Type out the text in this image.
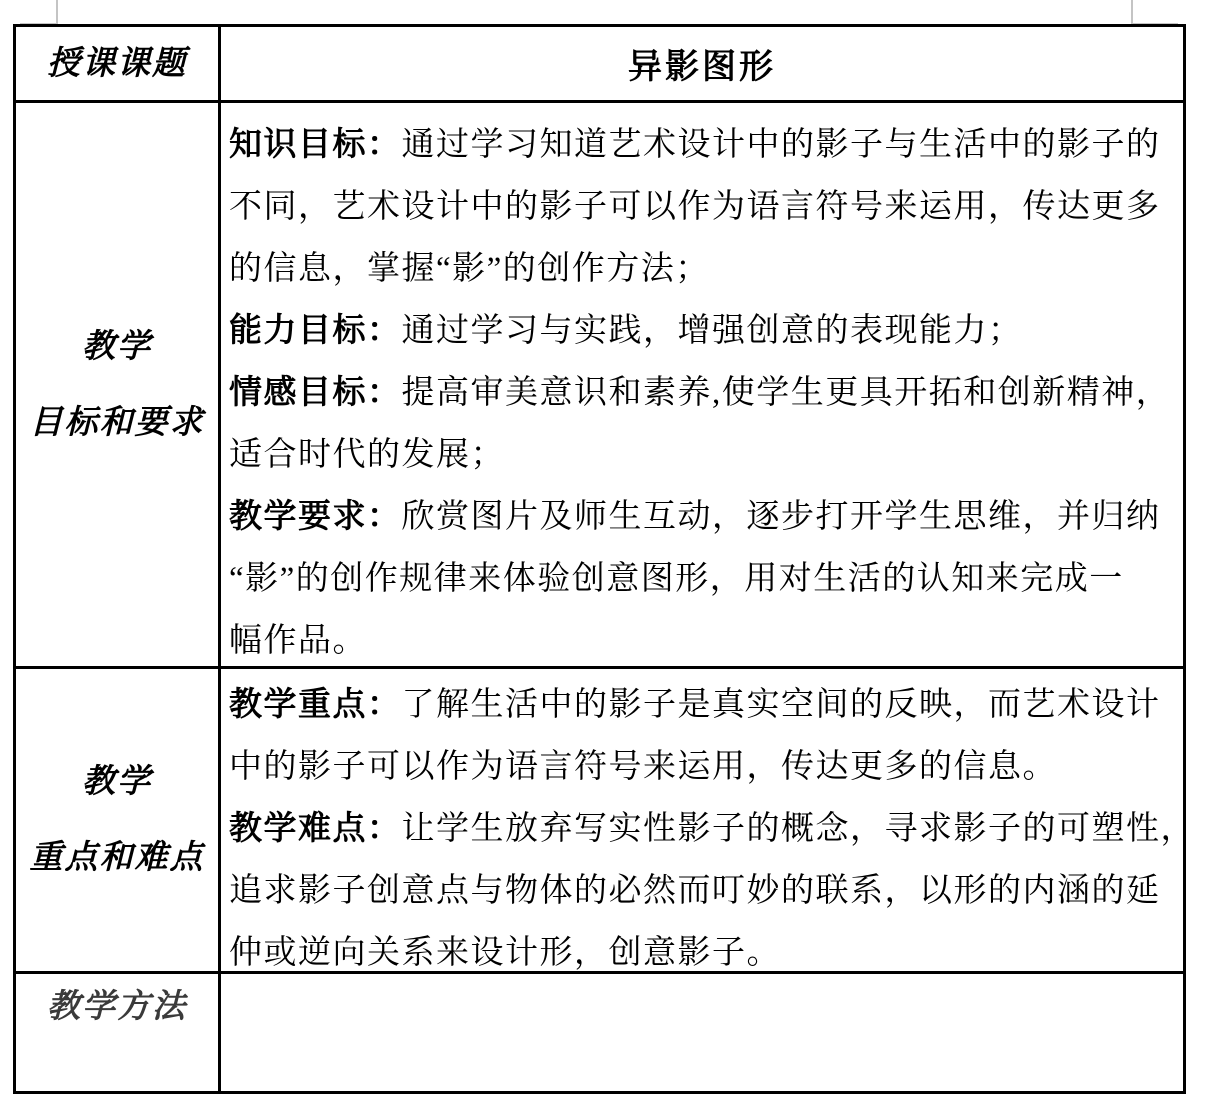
授课课题	异影图形
教学
目标和要求
知识目标：通过学习知道艺术设计中的影子与生活中的影子的
不同，艺术设计中的影子可以作为语言符号来运用，传达更多
的信息，掌握“影”的创作方法；
能力目标：通过学习与实践，增强创意的表现能力；
情感目标：提高审美意识和素养,使学生更具开拓和创新精神，
适合时代的发展；
教学要求：欣赏图片及师生互动，逐步打开学生思维，并归纳
“影”的创作规律来体验创意图形，用对生活的认知来完成一
幅作品。
教学
重点和难点
教学重点：了解生活中的影子是真实空间的反映，而艺术设计
中的影子可以作为语言符号来运用，传达更多的信息。
教学难点：让学生放弃写实性影子的概念，寻求影子的可塑性，
追求影子创意点与物体的必然而叮妙的联系，以形的内涵的延
仲或逆向关系来设计形，创意影子。
教学方法
